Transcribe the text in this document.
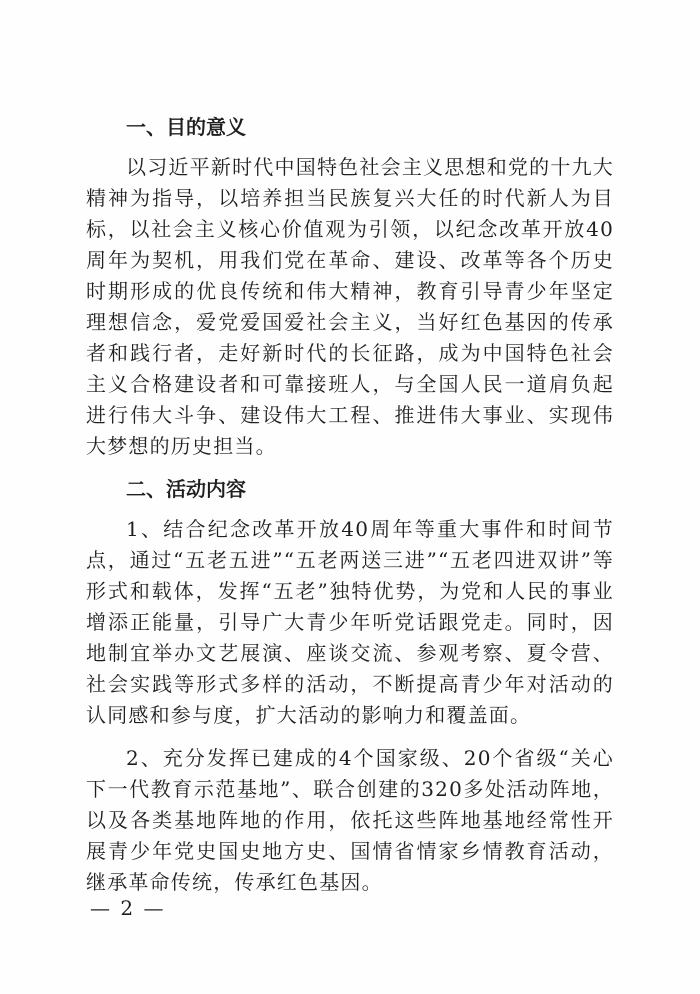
一、目的意义

以习近平新时代中国特色社会主义思想和党的十九大精神为指导，以培养担当民族复兴大任的时代新人为目标，以社会主义核心价值观为引领，以纪念改革开放40周年为契机，用我们党在革命、建设、改革等各个历史时期形成的优良传统和伟大精神，教育引导青少年坚定理想信念，爱党爱国爱社会主义，当好红色基因的传承者和践行者，走好新时代的长征路，成为中国特色社会主义合格建设者和可靠接班人，与全国人民一道肩负起进行伟大斗争、建设伟大工程、推进伟大事业、实现伟大梦想的历史担当。

二、活动内容

1、结合纪念改革开放40周年等重大事件和时间节点，通过“五老五进”“五老两送三进”“五老四进双讲”等形式和载体，发挥“五老”独特优势，为党和人民的事业增添正能量，引导广大青少年听党话跟党走。同时，因地制宜举办文艺展演、座谈交流、参观考察、夏令营、社会实践等形式多样的活动，不断提高青少年对活动的认同感和参与度，扩大活动的影响力和覆盖面。

2、充分发挥已建成的4个国家级、20个省级“关心下一代教育示范基地”、联合创建的320多处活动阵地，以及各类基地阵地的作用，依托这些阵地基地经常性开展青少年党史国史地方史、国情省情家乡情教育活动，继承革命传统，传承红色基因。

— 2 —
